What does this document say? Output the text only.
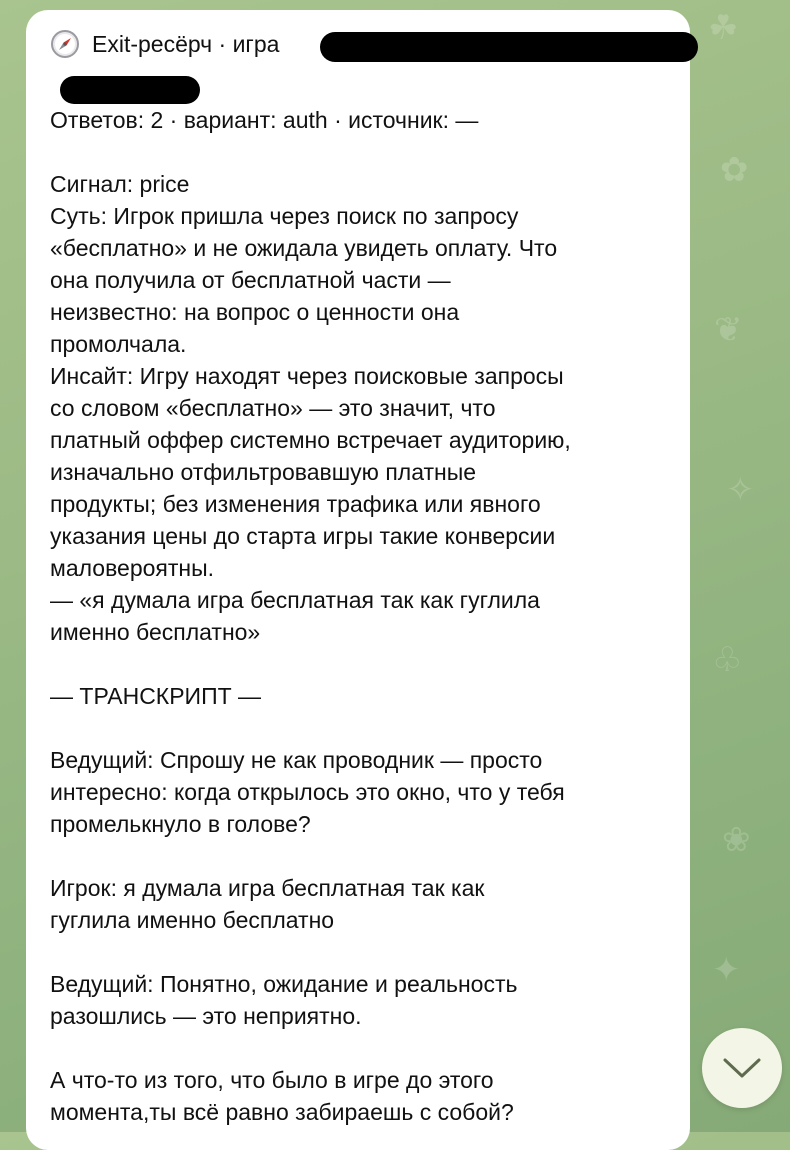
☘
✿
❦
✧
♧
❀
✦
Exit-ресёрч · игра
Ответов: 2 · вариант: auth · источник: —

Сигнал: price
Суть: Игрок пришла через поиск по запросу
«бесплатно» и не ожидала увидеть оплату. Что
она получила от бесплатной части —
неизвестно: на вопрос о ценности она
промолчала.
Инсайт: Игру находят через поисковые запросы
со словом «бесплатно» — это значит, что
платный оффер системно встречает аудиторию,
изначально отфильтровавшую платные
продукты; без изменения трафика или явного
указания цены до старта игры такие конверсии
маловероятны.
— «я думала игра бесплатная так как гуглила
именно бесплатно»

— ТРАНСКРИПТ —

Ведущий: Спрошу не как проводник — просто
интересно: когда открылось это окно, что у тебя
промелькнуло в голове?

Игрок: я думала игра бесплатная так как
гуглила именно бесплатно

Ведущий: Понятно, ожидание и реальность
разошлись — это неприятно.

А что-то из того, что было в игре до этого
момента,ты всё равно забираешь с собой?
